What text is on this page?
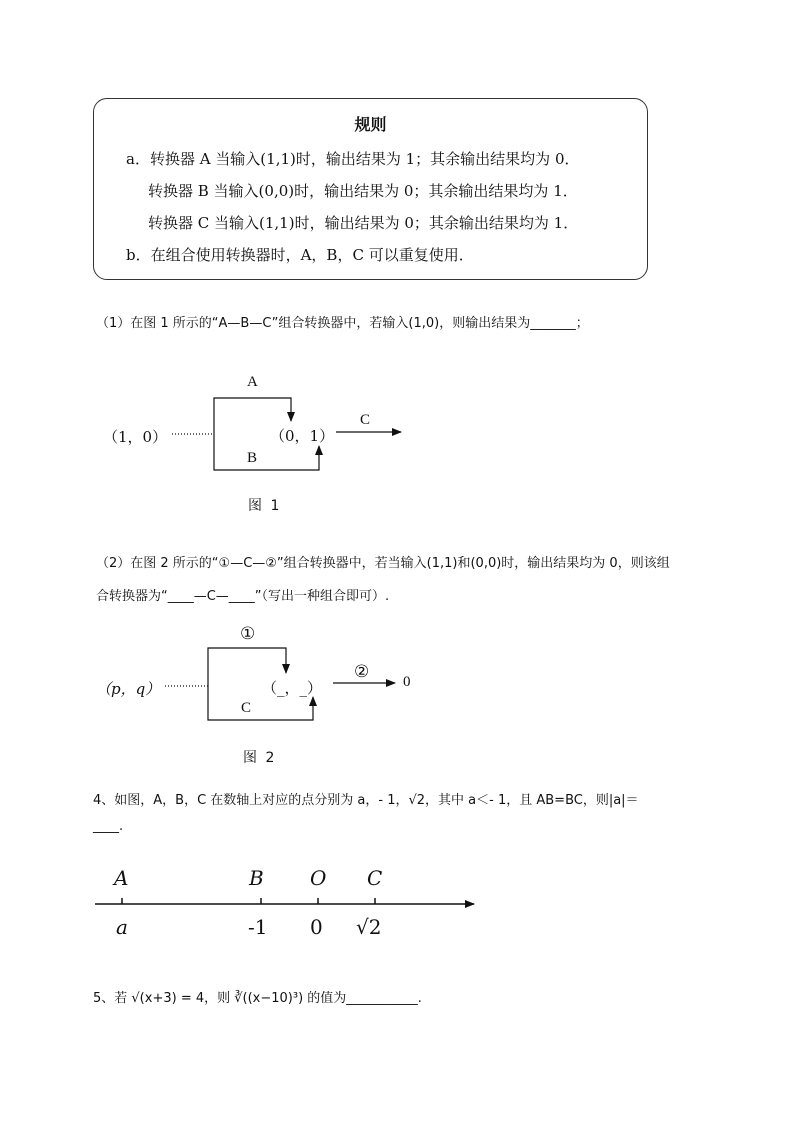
规则
a．转换器 A 当输入(1,1)时，输出结果为 1；其余输出结果均为 0．
转换器 B 当输入(0,0)时，输出结果为 0；其余输出结果均为 1．
转换器 C 当输入(1,1)时，输出结果为 0；其余输出结果均为 1．
b．在组合使用转换器时，A，B，C 可以重复使用．
（1）在图 1 所示的“A—B—C”组合转换器中，若输入(1,0)，则输出结果为_______；
（1，0）
A
B
（0，1）
C
图 1
（2）在图 2 所示的“①—C—②”组合转换器中，若当输入(1,1)和(0,0)时，输出结果均为 0，则该组
合转换器为“____—C—____”（写出一种组合即可）.
（p，q）
①
C
（_，_）
② 0
图 2
4、如图，A，B，C 在数轴上对应的点分别为 a，- 1，√2，其中 a＜- 1，且 AB=BC，则|a|＝
____.
A	B O C
a	-1 0 √2
5、若 √(x+3) = 4，则 ∛((x−10)³) 的值为___________.
